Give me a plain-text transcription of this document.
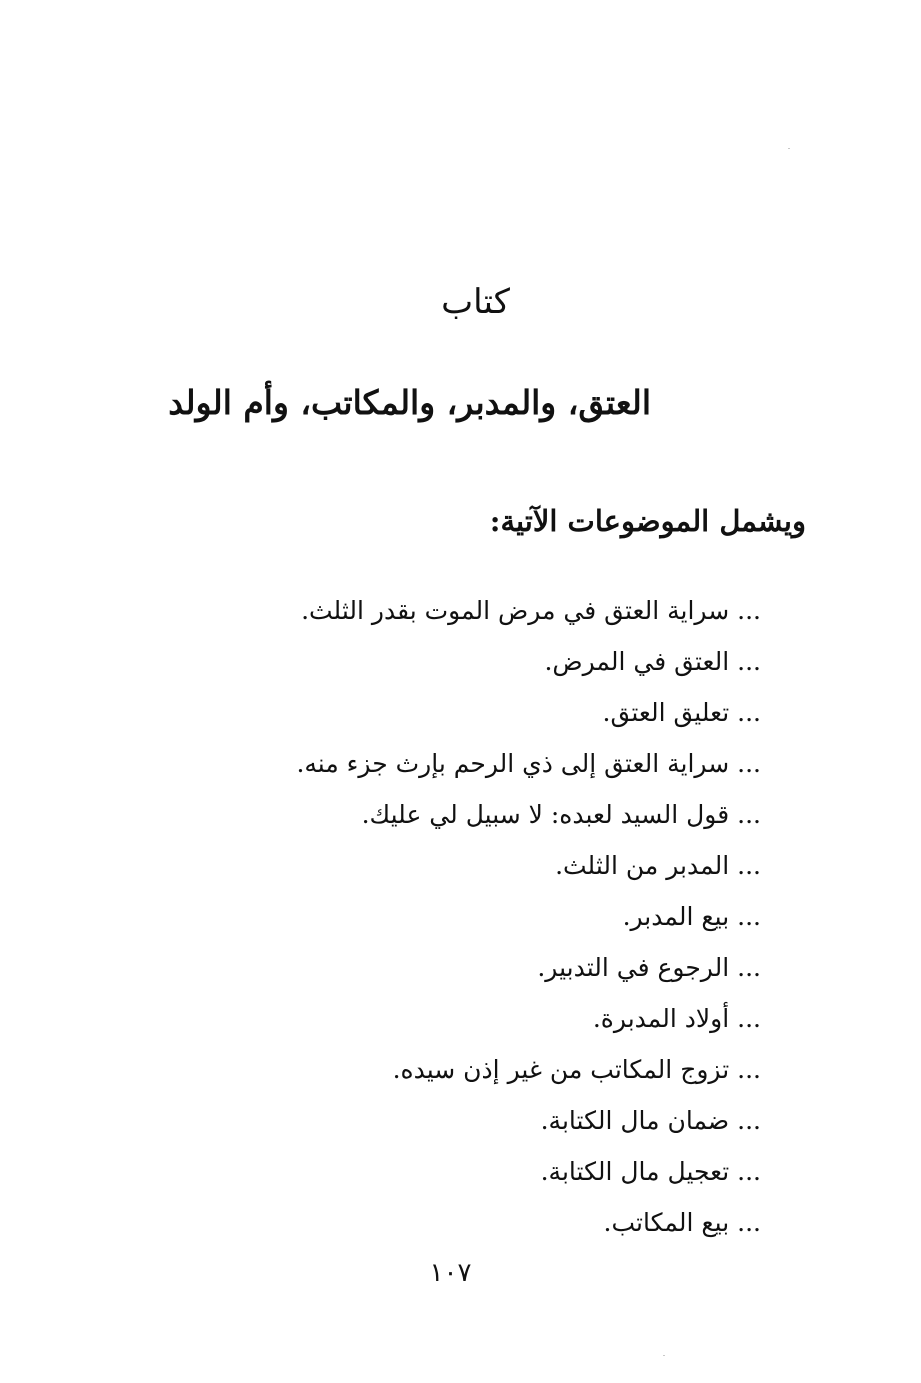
كتاب
العتق، والمدبر، والمكاتب، وأم الولد
ويشمل الموضوعات الآتية:
...سراية العتق في مرض الموت بقدر الثلث.
...العتق في المرض.
...تعليق العتق.
...سراية العتق إلى ذي الرحم بإرث جزء منه.
...قول السيد لعبده: لا سبيل لي عليك.
...المدبر من الثلث.
...بيع المدبر.
...الرجوع في التدبير.
...أولاد المدبرة.
...تزوج المكاتب من غير إذن سيده.
...ضمان مال الكتابة.
...تعجيل مال الكتابة.
...بيع المكاتب.
١٠٧
